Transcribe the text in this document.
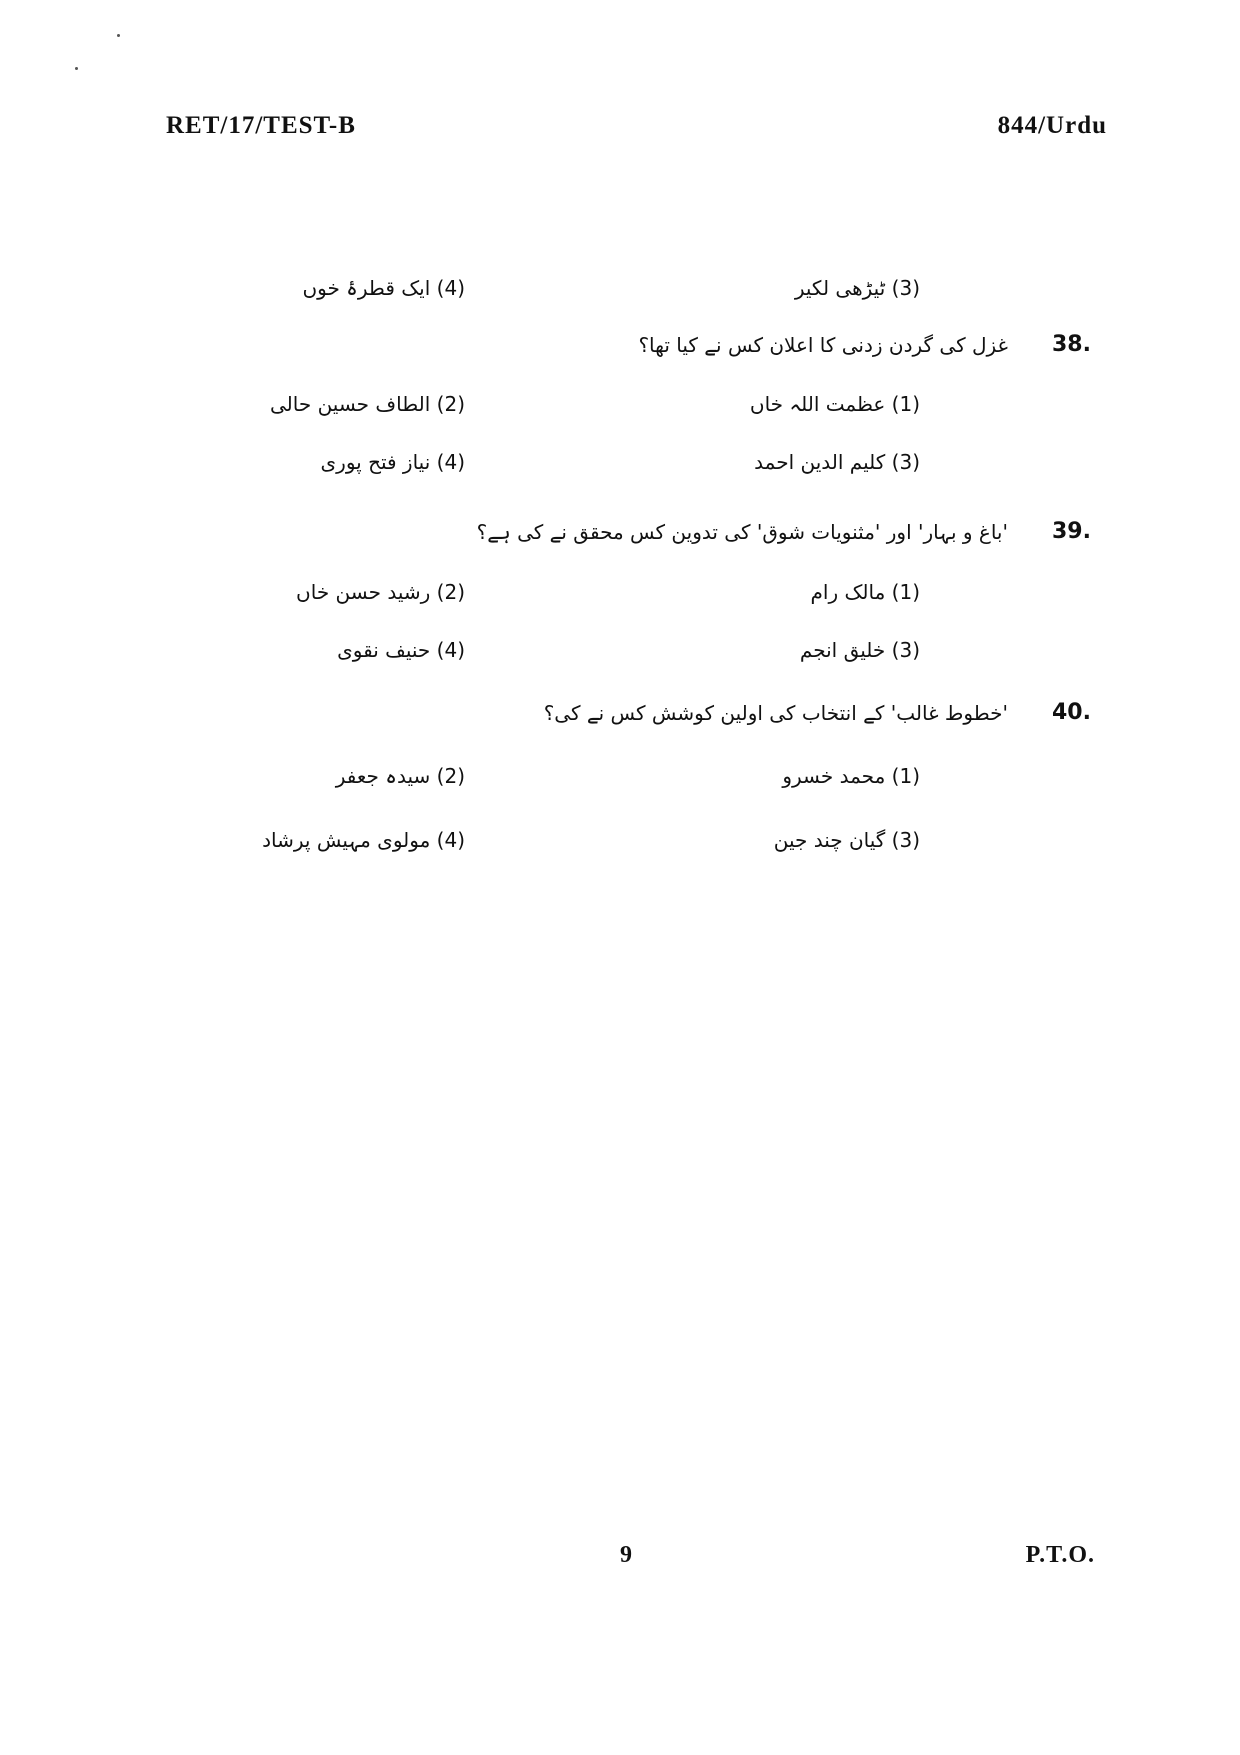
RET/17/TEST-B	844/Urdu
(3) ٹیڑھی لکیر
(4) ایک قطرۂ خوں
38.
غزل کی گردن زدنی کا اعلان کس نے کیا تھا؟
(1) عظمت اللہ خاں
(2) الطاف حسین حالی
(3) کلیم الدین احمد
(4) نیاز فتح پوری
39.
'باغ و بہار' اور 'مثنویات شوق' کی تدوین کس محقق نے کی ہے؟
(1) مالک رام
(2) رشید حسن خاں
(3) خلیق انجم
(4) حنیف نقوی
40.
'خطوط غالب' کے انتخاب کی اولین کوشش کس نے کی؟
(1) محمد خسرو
(2) سیدہ جعفر
(3) گیان چند جین
(4) مولوی مہیش پرشاد
9	P.T.O.
